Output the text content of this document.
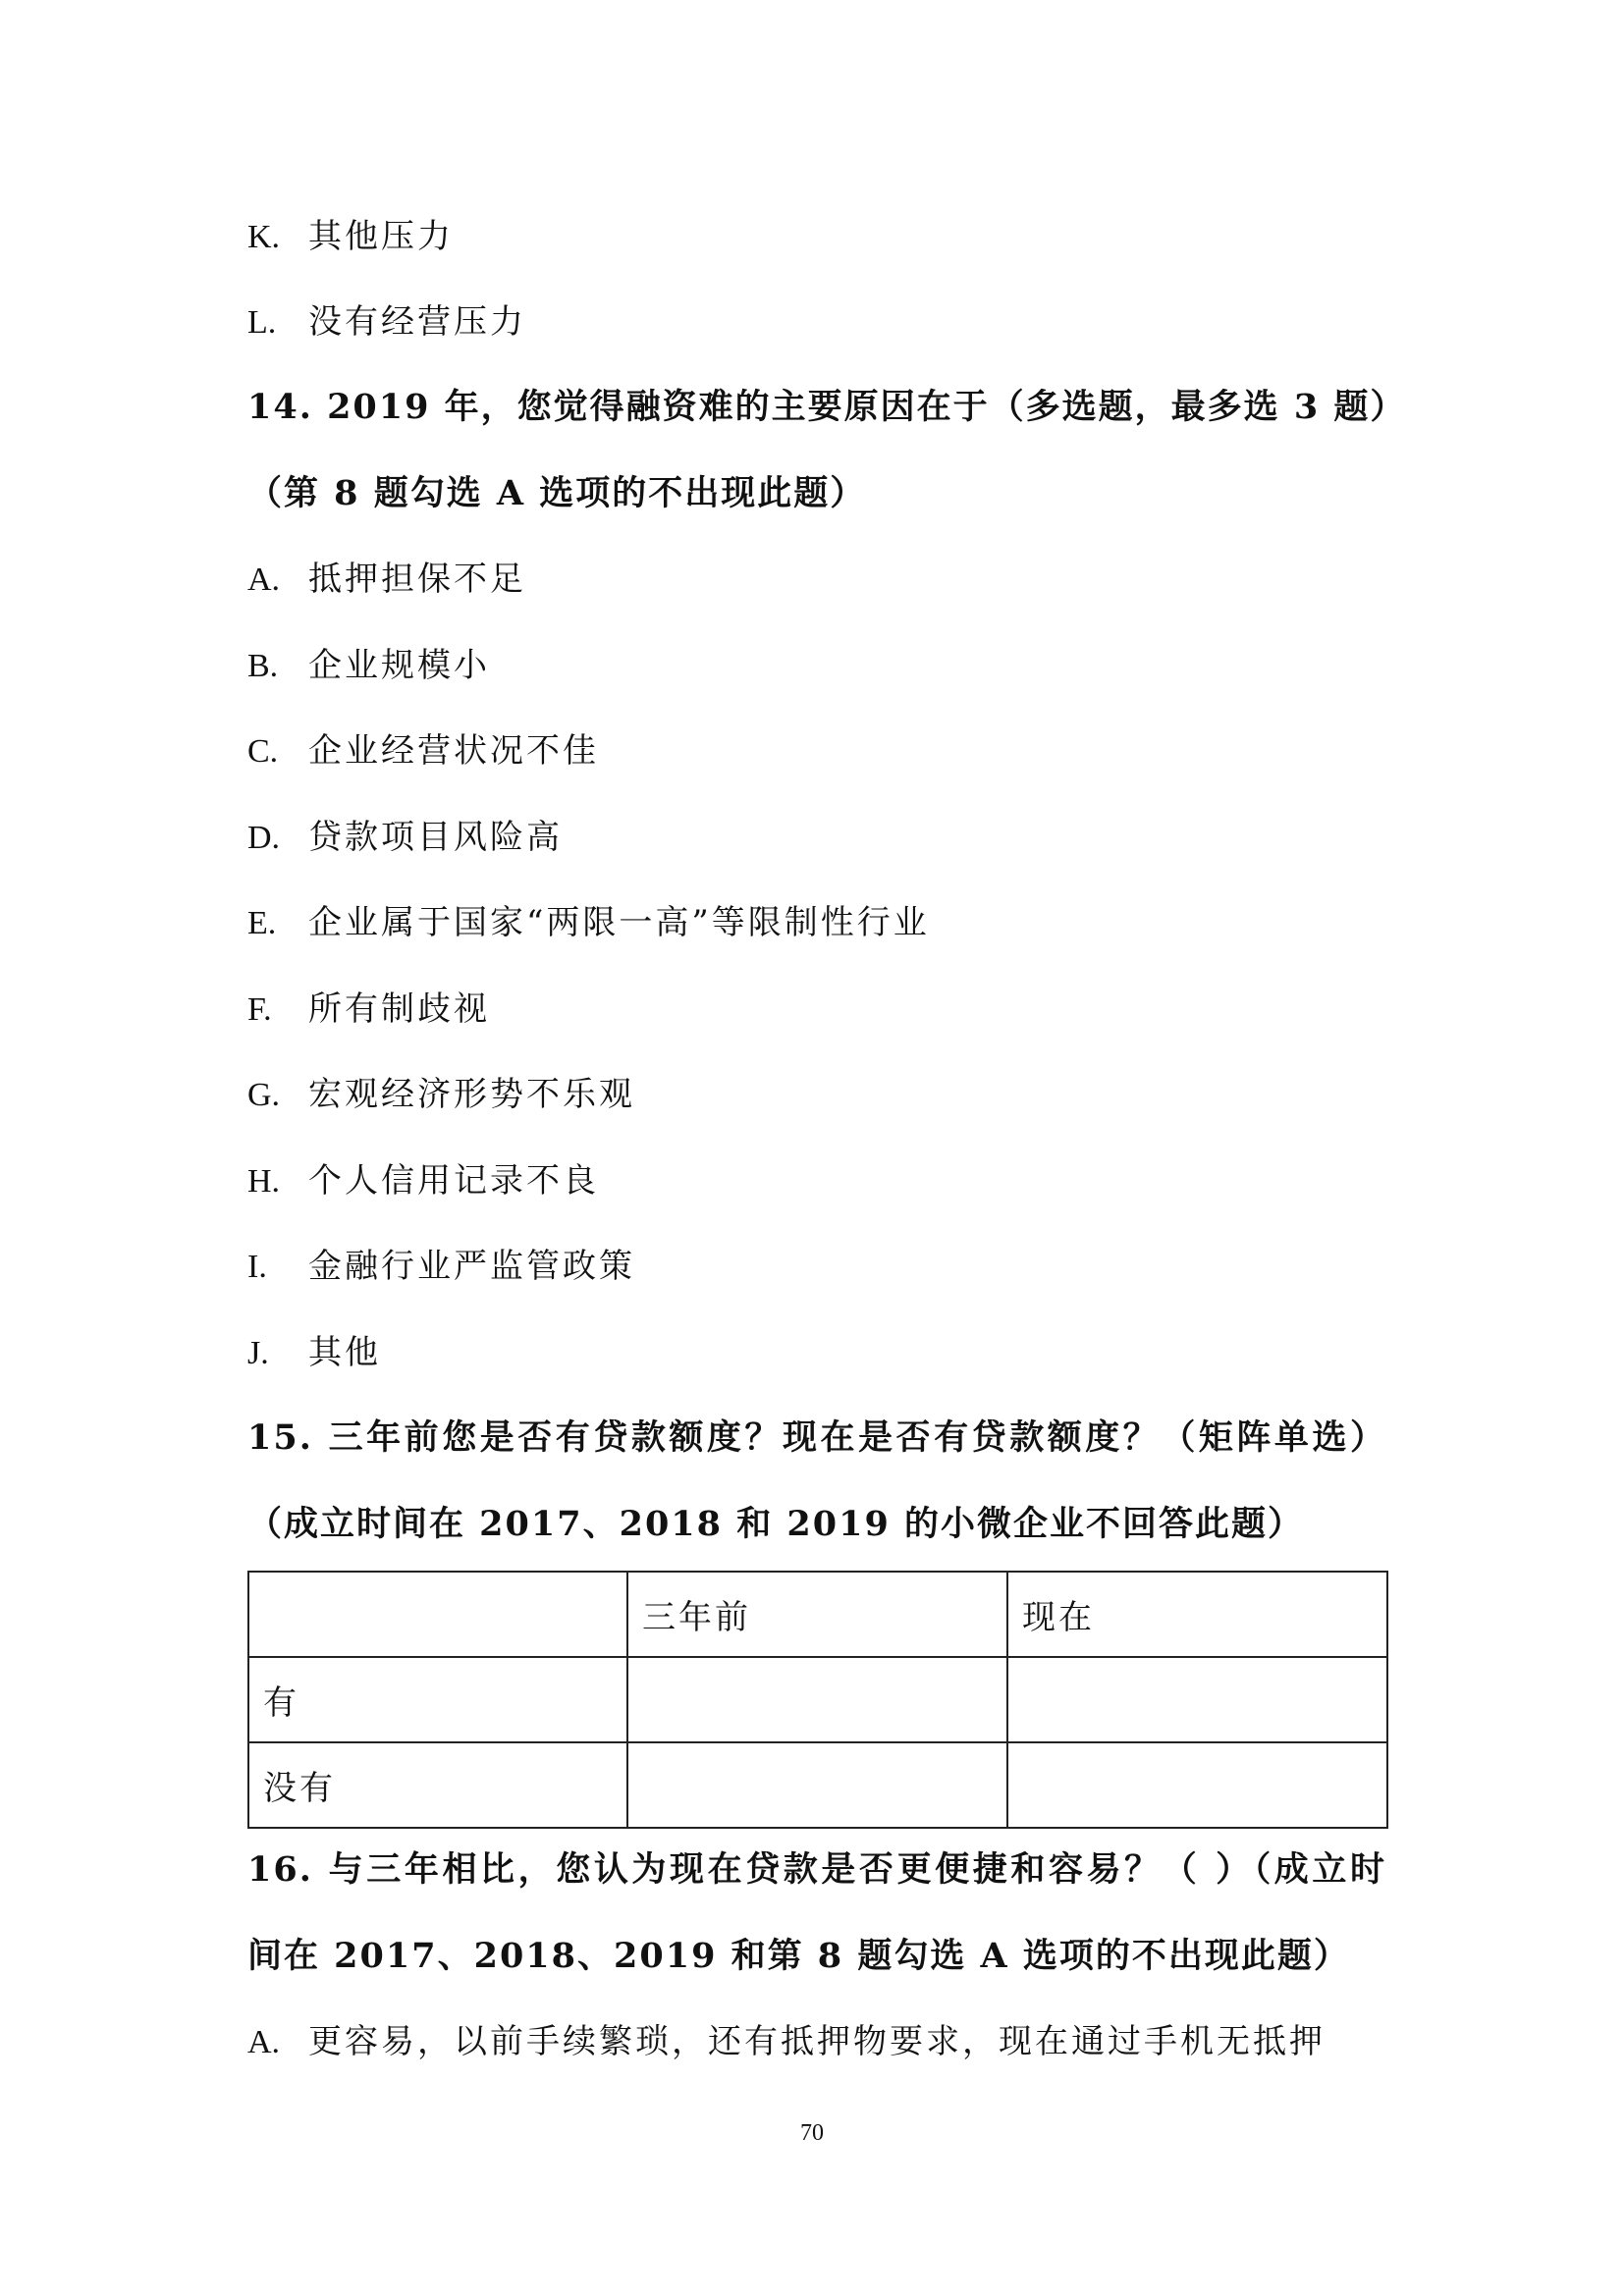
K. 其他压力
L. 没有经营压力
14. 2019 年，您觉得融资难的主要原因在于（多选题，最多选 3 题）
（第 8 题勾选 A 选项的不出现此题）
A. 抵押担保不足
B. 企业规模小
C. 企业经营状况不佳
D. 贷款项目风险高
E. 企业属于国家“两限一高”等限制性行业
F. 所有制歧视
G. 宏观经济形势不乐观
H. 个人信用记录不良
I. 金融行业严监管政策
J. 其他
15. 三年前您是否有贷款额度？现在是否有贷款额度？（矩阵单选）
（成立时间在 2017、2018 和 2019 的小微企业不回答此题）
	三年前	现在
有		
没有		
16. 与三年相比，您认为现在贷款是否更便捷和容易？（ ）（成立时
间在 2017、2018、2019 和第 8 题勾选 A 选项的不出现此题）
A. 更容易，以前手续繁琐，还有抵押物要求，现在通过手机无抵押
70
